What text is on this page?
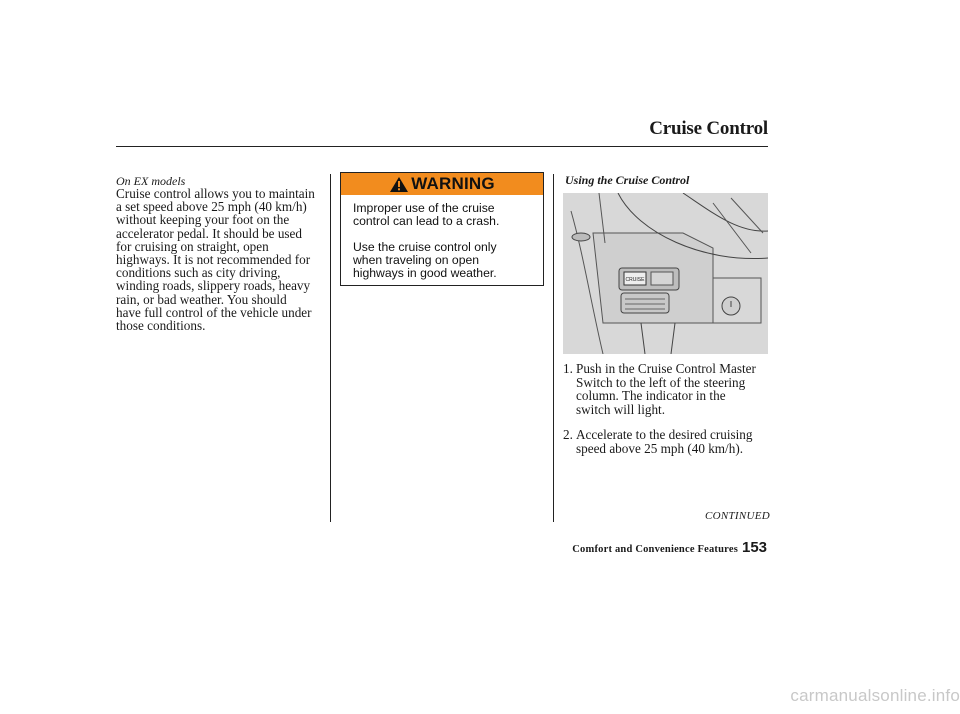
Cruise Control
On EX models
Cruise control allows you to maintain
a set speed above 25 mph (40 km/h)
without keeping your foot on the
accelerator pedal. It should be used
for cruising on straight, open
highways. It is not recommended for
conditions such as city driving,
winding roads, slippery roads, heavy
rain, or bad weather. You should
have full control of the vehicle under
those conditions.
WARNING
Improper use of the cruise
control can lead to a crash.
Use the cruise control only
when traveling on open
highways in good weather.
Using the Cruise Control
CRUISE
1. Push in the Cruise Control Master
Switch to the left of the steering
column. The indicator in the
switch will light.
2. Accelerate to the desired cruising
speed above 25 mph (40 km/h).
CONTINUED
Comfort and Convenience Features 153
carmanualsonline.info
